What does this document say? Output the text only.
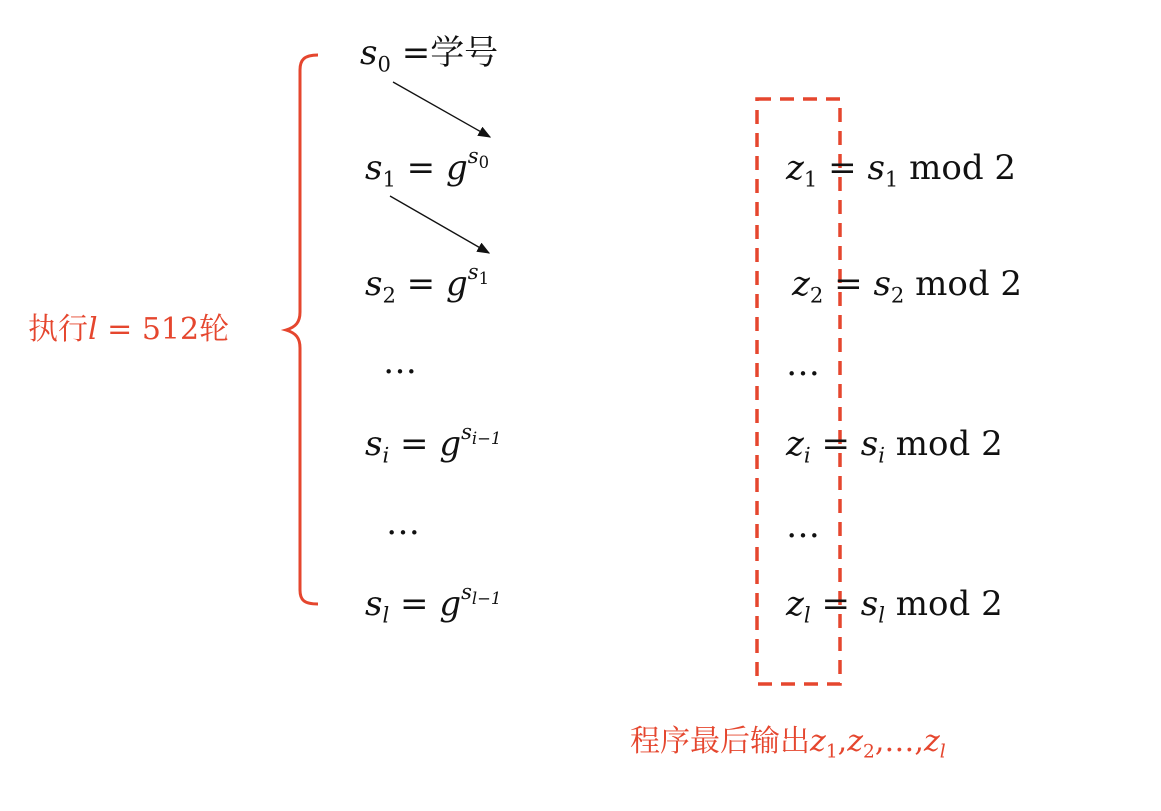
$s_0$ =学号
$s_1 = g^{s_0}$
$s_2 = g^{s_1}$
…
$s_i = g^{s_{i-1}}$
…
$s_l = g^{s_{l-1}}$
$z_1 = s_1$ mod 2
$z_2 = s_2$ mod 2
…
$z_i = s_i$ mod 2
…
$z_l = s_l$ mod 2
执行l = 512轮
程序最后输出$z_1,z_2,\dots,z_l$
